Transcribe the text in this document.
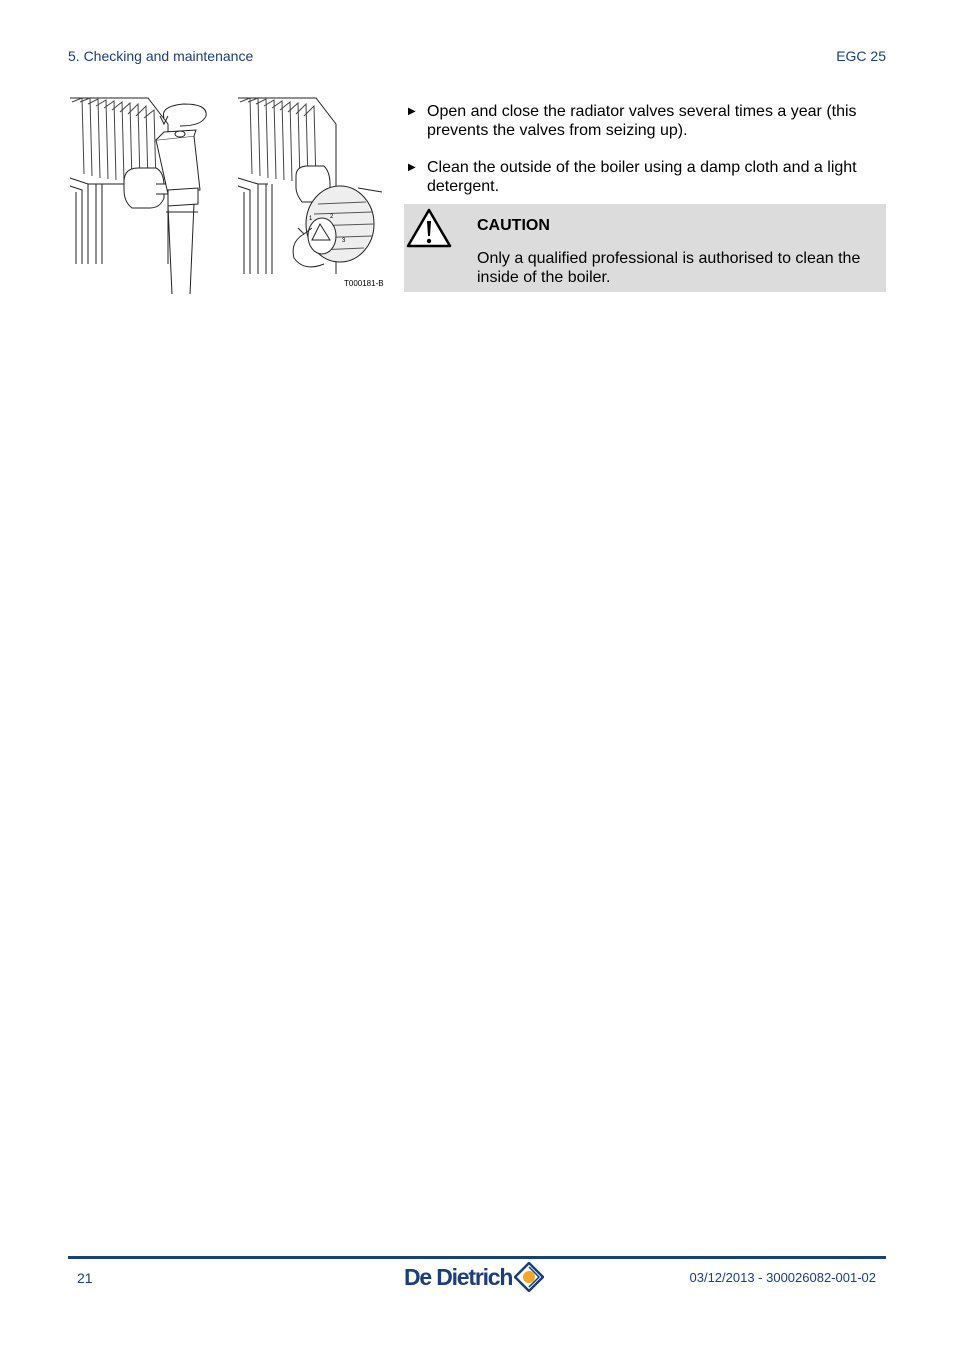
5. Checking and maintenance	EGC 25
1	2
3
T000181-B
▶ Open and close the radiator valves several times a year (this prevents the valves from seizing up).
▶ Clean the outside of the boiler using a damp cloth and a light detergent.
CAUTION
Only a qualified professional is authorised to clean the inside of the boiler.
21	De Dietrich	03/12/2013 - 300026082-001-02
